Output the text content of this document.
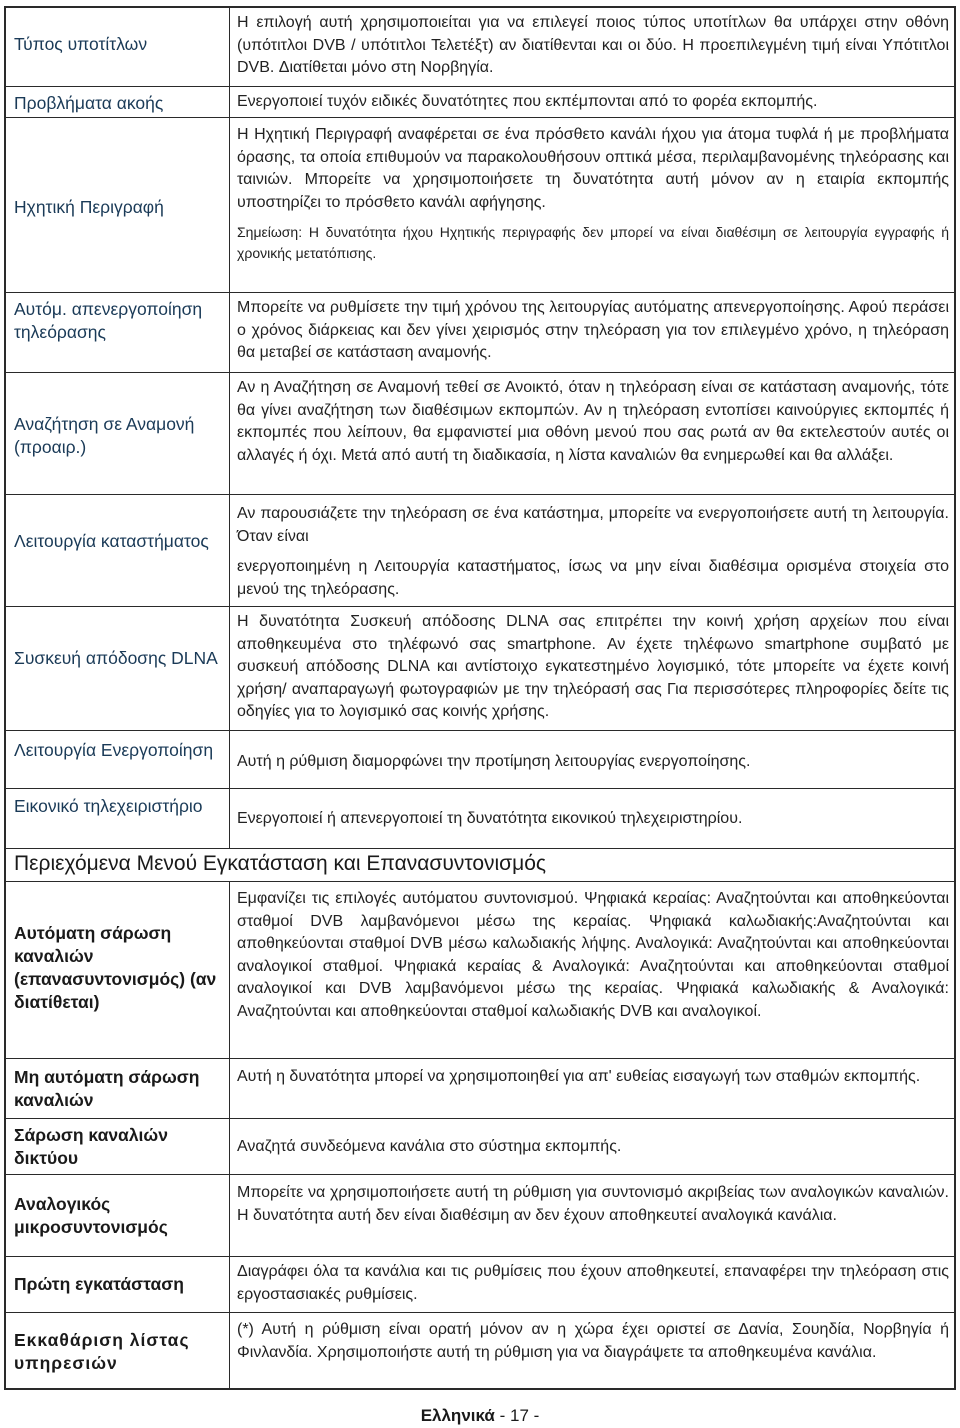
Τύπος υποτίτλων

Η επιλογή αυτή χρησιμοποιείται για να επιλεγεί ποιος τύπος υποτίτλων θα υπάρχει στην οθόνη (υπότιτλοι DVB / υπότιτλοι Τελετέξτ) αν διατίθενται και οι δύο. Η προεπιλεγμένη τιμή είναι Υπότιτλοι DVB. Διατίθεται μόνο στη Νορβηγία.

Προβλήματα ακοής	Ενεργοποιεί τυχόν ειδικές δυνατότητες που εκπέμπονται από το φορέα εκπομπής.

Ηχητική Περιγραφή

Η Ηχητική Περιγραφή αναφέρεται σε ένα πρόσθετο κανάλι ήχου για άτομα τυφλά ή με προβλήματα όρασης, τα οποία επιθυμούν να παρακολουθήσουν οπτικά μέσα, περιλαμβανομένης τηλεόρασης και ταινιών. Μπορείτε να χρησιμοποιήσετε τη δυνατότητα αυτή μόνον αν η εταιρία εκπομπής υποστηρίζει το πρόσθετο κανάλι αφήγησης.

Σημείωση: Η δυνατότητα ήχου Ηχητικής περιγραφής δεν μπορεί να είναι διαθέσιμη σε λειτουργία εγγραφής ή χρονικής μετατόπισης.

Αυτόμ. απενεργοποίηση τηλεόρασης

Μπορείτε να ρυθμίσετε την τιμή χρόνου της λειτουργίας αυτόματης απενεργοποίησης. Αφού περάσει ο χρόνος διάρκειας και δεν γίνει χειρισμός στην τηλεόραση για τον επιλεγμένο χρόνο, η τηλεόραση θα μεταβεί σε κατάσταση αναμονής.

Αναζήτηση σε Αναμονή (προαιρ.)

Αν η Αναζήτηση σε Αναμονή τεθεί σε Ανοικτό, όταν η τηλεόραση είναι σε κατάσταση αναμονής, τότε θα γίνει αναζήτηση των διαθέσιμων εκπομπών. Αν η τηλεόραση εντοπίσει καινούργιες εκπομπές ή εκπομπές που λείπουν, θα εμφανιστεί μια οθόνη μενού που σας ρωτά αν θα εκτελεστούν αυτές οι αλλαγές ή όχι. Μετά από αυτή τη διαδικασία, η λίστα καναλιών θα ενημερωθεί και θα αλλάξει.

Λειτουργία καταστήματος

Αν παρουσιάζετε την τηλεόραση σε ένα κατάστημα, μπορείτε να ενεργοποιήσετε αυτή τη λειτουργία. Όταν είναι

ενεργοποιημένη η Λειτουργία καταστήματος, ίσως να μην είναι διαθέσιμα ορισμένα στοιχεία στο μενού της τηλεόρασης.

Συσκευή απόδοσης DLNA

Η δυνατότητα Συσκευή απόδοσης DLNA σας επιτρέπει την κοινή χρήση αρχείων που είναι αποθηκευμένα στο τηλέφωνό σας smartphone. Αν έχετε τηλέφωνο smartphone συμβατό με συσκευή απόδοσης DLNA και αντίστοιχο εγκατεστημένο λογισμικό, τότε μπορείτε να έχετε κοινή χρήση/ αναπαραγωγή φωτογραφιών με την τηλεόρασή σας Για περισσότερες πληροφορίες δείτε τις οδηγίες για το λογισμικό σας κοινής χρήσης.

Λειτουργία Ενεργοποίηση

Αυτή η ρύθμιση διαμορφώνει την προτίμηση λειτουργίας ενεργοποίησης.

Εικονικό τηλεχειριστήριο

Ενεργοποιεί ή απενεργοποιεί τη δυνατότητα εικονικού τηλεχειριστηρίου.

Περιεχόμενα Μενού Εγκατάσταση και Επανασυντονισμός
Αυτόματη σάρωση καναλιών (επανασυντονισμός) (αν διατίθεται)

Εμφανίζει τις επιλογές αυτόματου συντονισμού. Ψηφιακά κεραίας: Αναζητούνται και αποθηκεύονται σταθμοί DVB λαμβανόμενοι μέσω της κεραίας. Ψηφιακά καλωδιακής:Αναζητούνται και αποθηκεύονται σταθμοί DVB μέσω καλωδιακής λήψης. Αναλογικά: Αναζητούνται και αποθηκεύονται αναλογικοί σταθμοί. Ψηφιακά κεραίας & Αναλογικά: Αναζητούνται και αποθηκεύονται σταθμοί αναλογικοί και DVB λαμβανόμενοι μέσω της κεραίας. Ψηφιακά καλωδιακής & Αναλογικά: Αναζητούνται και αποθηκεύονται σταθμοί καλωδιακής DVB και αναλογικοί.

Μη αυτόματη σάρωση καναλιών

Αυτή η δυνατότητα μπορεί να χρησιμοποιηθεί για απ' ευθείας εισαγωγή των σταθμών εκπομπής.

Σάρωση καναλιών δικτύου

Αναζητά συνδεόμενα κανάλια στο σύστημα εκπομπής.

Αναλογικός μικροσυντονισμός

Μπορείτε να χρησιμοποιήσετε αυτή τη ρύθμιση για συντονισμό ακριβείας των αναλογικών καναλιών. Η δυνατότητα αυτή δεν είναι διαθέσιμη αν δεν έχουν αποθηκευτεί αναλογικά κανάλια.

Πρώτη εγκατάσταση

Διαγράφει όλα τα κανάλια και τις ρυθμίσεις που έχουν αποθηκευτεί, επαναφέρει την τηλεόραση στις εργοστασιακές ρυθμίσεις.

Εκκαθάριση λίστας υπηρεσιών

(*) Αυτή η ρύθμιση είναι ορατή μόνον αν η χώρα έχει οριστεί σε Δανία, Σουηδία, Νορβηγία ή Φινλανδία. Χρησιμοποιήστε αυτή τη ρύθμιση για να διαγράψετε τα αποθηκευμένα κανάλια.

Ελληνικά - 17 -
